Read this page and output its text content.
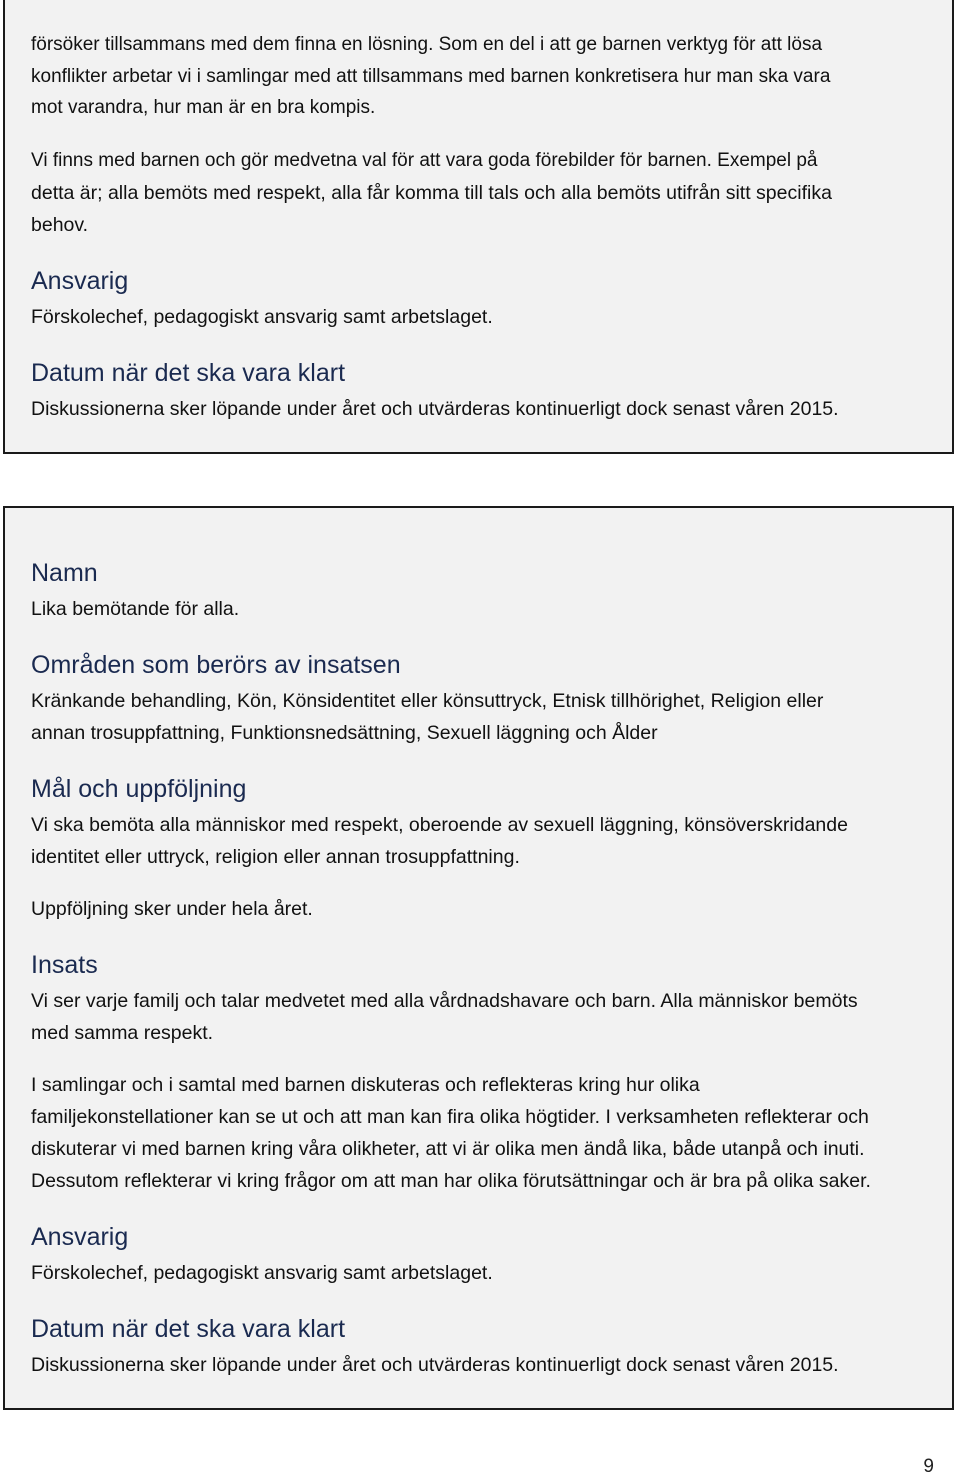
försöker tillsammans med dem finna en lösning. Som en del i att ge barnen verktyg för att lösa

konflikter arbetar vi i samlingar med att tillsammans med barnen konkretisera hur man ska vara

mot varandra, hur man är en bra kompis.

Vi finns med barnen och gör medvetna val för att vara goda förebilder för barnen. Exempel på

detta är; alla bemöts med respekt, alla får komma till tals och alla bemöts utifrån sitt specifika

behov.

Ansvarig

Förskolechef, pedagogiskt ansvarig samt arbetslaget.

Datum när det ska vara klart

Diskussionerna sker löpande under året och utvärderas kontinuerligt dock senast våren 2015.

Namn

Lika bemötande för alla.

Områden som berörs av insatsen

Kränkande behandling, Kön, Könsidentitet eller könsuttryck, Etnisk tillhörighet, Religion eller

annan trosuppfattning, Funktionsnedsättning, Sexuell läggning och Ålder

Mål och uppföljning

Vi ska bemöta alla människor med respekt, oberoende av sexuell läggning, könsöverskridande

identitet eller uttryck, religion eller annan trosuppfattning.

Uppföljning sker under hela året.

Insats

Vi ser varje familj och talar medvetet med alla vårdnadshavare och barn. Alla människor bemöts

med samma respekt.

I samlingar och i samtal med barnen diskuteras och reflekteras kring hur olika

familjekonstellationer kan se ut och att man kan fira olika högtider. I verksamheten reflekterar och

diskuterar vi med barnen kring våra olikheter, att vi är olika men ändå lika, både utanpå och inuti.

Dessutom reflekterar vi kring frågor om att man har olika förutsättningar och är bra på olika saker.

Ansvarig

Förskolechef, pedagogiskt ansvarig samt arbetslaget.

Datum när det ska vara klart

Diskussionerna sker löpande under året och utvärderas kontinuerligt dock senast våren 2015.

9
